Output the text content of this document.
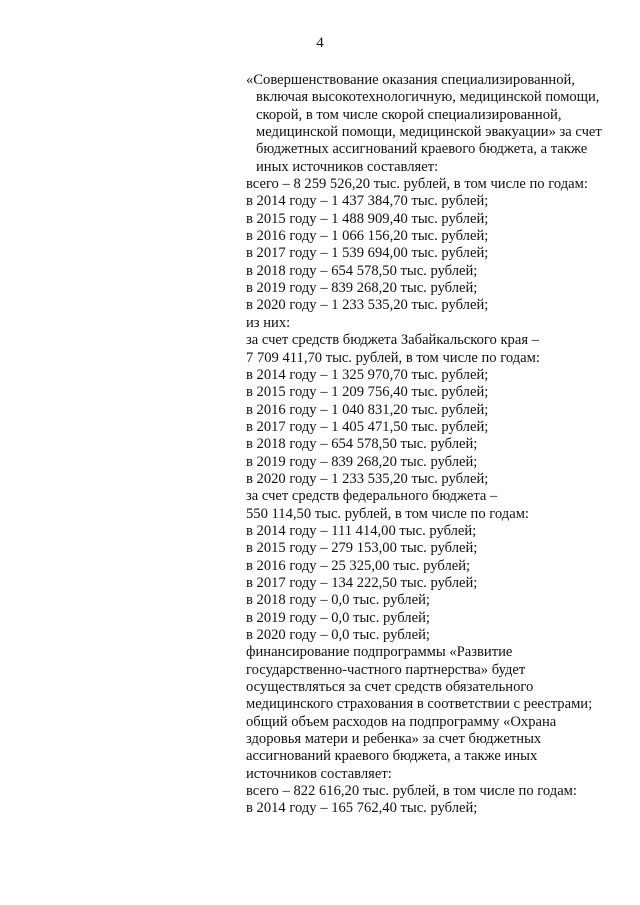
4
«Совершенствование оказания специализированной,
включая высокотехнологичную, медицинской помощи,
скорой, в том числе скорой специализированной,
медицинской помощи, медицинской эвакуации» за счет
бюджетных ассигнований краевого бюджета, а также
иных источников составляет:
всего – 8 259 526,20 тыс. рублей, в том числе по годам:
в 2014 году – 1 437 384,70 тыс. рублей;
в 2015 году – 1 488 909,40 тыс. рублей;
в 2016 году – 1 066 156,20 тыс. рублей;
в 2017 году – 1 539 694,00 тыс. рублей;
в 2018 году – 654 578,50 тыс. рублей;
в 2019 году – 839 268,20 тыс. рублей;
в 2020 году – 1 233 535,20 тыс. рублей;
из них:
за счет средств бюджета Забайкальского края –
7 709 411,70 тыс. рублей, в том числе по годам:
в 2014 году – 1 325 970,70 тыс. рублей;
в 2015 году – 1 209 756,40 тыс. рублей;
в 2016 году – 1 040 831,20 тыс. рублей;
в 2017 году – 1 405 471,50 тыс. рублей;
в 2018 году – 654 578,50 тыс. рублей;
в 2019 году – 839 268,20 тыс. рублей;
в 2020 году – 1 233 535,20 тыс. рублей;
за счет средств федерального бюджета –
550 114,50 тыс. рублей, в том числе по годам:
в 2014 году – 111 414,00 тыс. рублей;
в 2015 году – 279 153,00 тыс. рублей;
в 2016 году – 25 325,00 тыс. рублей;
в 2017 году – 134 222,50 тыс. рублей;
в 2018 году – 0,0 тыс. рублей;
в 2019 году – 0,0 тыс. рублей;
в 2020 году – 0,0 тыс. рублей;
финансирование подпрограммы «Развитие
государственно-частного партнерства» будет
осуществляться за счет средств обязательного
медицинского страхования в соответствии с реестрами;
общий объем расходов на подпрограмму «Охрана
здоровья матери и ребенка» за счет бюджетных
ассигнований краевого бюджета, а также иных
источников составляет:
всего – 822 616,20 тыс. рублей, в том числе по годам:
в 2014 году – 165 762,40 тыс. рублей;
